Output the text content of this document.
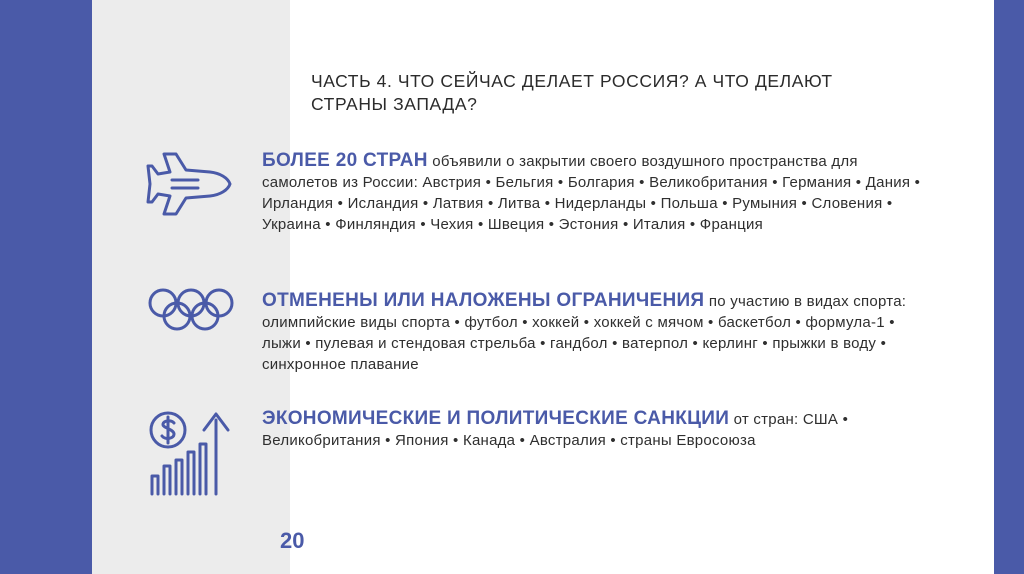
ЧАСТЬ 4. ЧТО СЕЙЧАС ДЕЛАЕТ РОССИЯ? А ЧТО ДЕЛАЮТ СТРАНЫ ЗАПАДА?
БОЛЕЕ 20 СТРАН объявили о закрытии своего воздушного пространства для самолетов из России: Австрия • Бельгия • Болгария • Великобритания • Германия • Дания • Ирландия • Исландия • Латвия • Литва • Нидерланды • Польша • Румыния • Словения • Украина • Финляндия • Чехия • Швеция • Эстония • Италия • Франция
ОТМЕНЕНЫ ИЛИ НАЛОЖЕНЫ ОГРАНИЧЕНИЯ по участию в видах спорта: олимпийские виды спорта • футбол • хоккей • хоккей с мячом • баскетбол • формула-1 • лыжи • пулевая и стендовая стрельба • гандбол • ватерпол • керлинг • прыжки в воду • синхронное плавание
ЭКОНОМИЧЕСКИЕ И ПОЛИТИЧЕСКИЕ САНКЦИИ от стран: США • Великобритания • Япония • Канада • Австралия • страны Евросоюза
20
